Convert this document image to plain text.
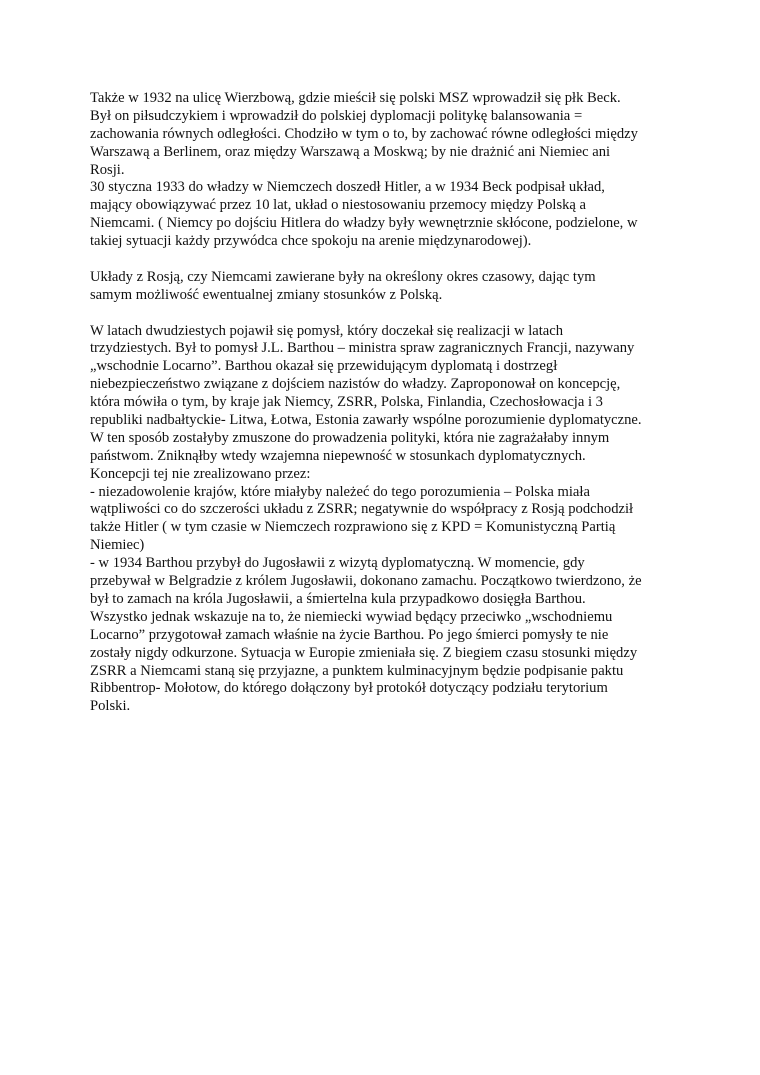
Także w 1932 na ulicę Wierzbową, gdzie mieścił się polski MSZ wprowadził się płk Beck.
Był on piłsudczykiem i wprowadził do polskiej dyplomacji politykę balansowania =
zachowania równych odległości. Chodziło w tym o to, by zachować równe odległości między
Warszawą a Berlinem, oraz między Warszawą a Moskwą; by nie drażnić ani Niemiec ani
Rosji.
30 styczna 1933 do władzy w Niemczech doszedł Hitler, a w 1934 Beck podpisał układ,
mający obowiązywać przez 10 lat, układ o niestosowaniu przemocy między Polską a
Niemcami. ( Niemcy po dojściu Hitlera do władzy były wewnętrznie skłócone, podzielone, w
takiej sytuacji każdy przywódca chce spokoju na arenie międzynarodowej).
Układy z Rosją, czy Niemcami zawierane były na określony okres czasowy, dając tym
samym możliwość ewentualnej zmiany stosunków z Polską.
W latach dwudziestych pojawił się pomysł, który doczekał się realizacji w latach
trzydziestych. Był to pomysł J.L. Barthou – ministra spraw zagranicznych Francji, nazywany
„wschodnie Locarno”. Barthou okazał się przewidującym dyplomatą i dostrzegł
niebezpieczeństwo związane z dojściem nazistów do władzy. Zaproponował on koncepcję,
która mówiła o tym, by kraje jak Niemcy, ZSRR, Polska, Finlandia, Czechosłowacja i 3
republiki nadbałtyckie- Litwa, Łotwa, Estonia zawarły wspólne porozumienie dyplomatyczne.
W ten sposób zostałyby zmuszone do prowadzenia polityki, która nie zagrażałaby innym
państwom. Zniknąłby wtedy wzajemna niepewność w stosunkach dyplomatycznych.
Koncepcji tej nie zrealizowano przez:
- niezadowolenie krajów, które miałyby należeć do tego porozumienia – Polska miała
wątpliwości co do szczerości układu z ZSRR; negatywnie do współpracy z Rosją podchodził
także Hitler ( w tym czasie w Niemczech rozprawiono się z KPD = Komunistyczną Partią
Niemiec)
- w 1934 Barthou przybył do Jugosławii z wizytą dyplomatyczną. W momencie, gdy
przebywał w Belgradzie z królem Jugosławii, dokonano zamachu. Początkowo twierdzono, że
był to zamach na króla Jugosławii, a śmiertelna kula przypadkowo dosięgła Barthou.
Wszystko jednak wskazuje na to, że niemiecki wywiad będący przeciwko „wschodniemu
Locarno” przygotował zamach właśnie na życie Barthou. Po jego śmierci pomysły te nie
zostały nigdy odkurzone. Sytuacja w Europie zmieniała się. Z biegiem czasu stosunki między
ZSRR a Niemcami staną się przyjazne, a punktem kulminacyjnym będzie podpisanie paktu
Ribbentrop- Mołotow, do którego dołączony był protokół dotyczący podziału terytorium
Polski.
